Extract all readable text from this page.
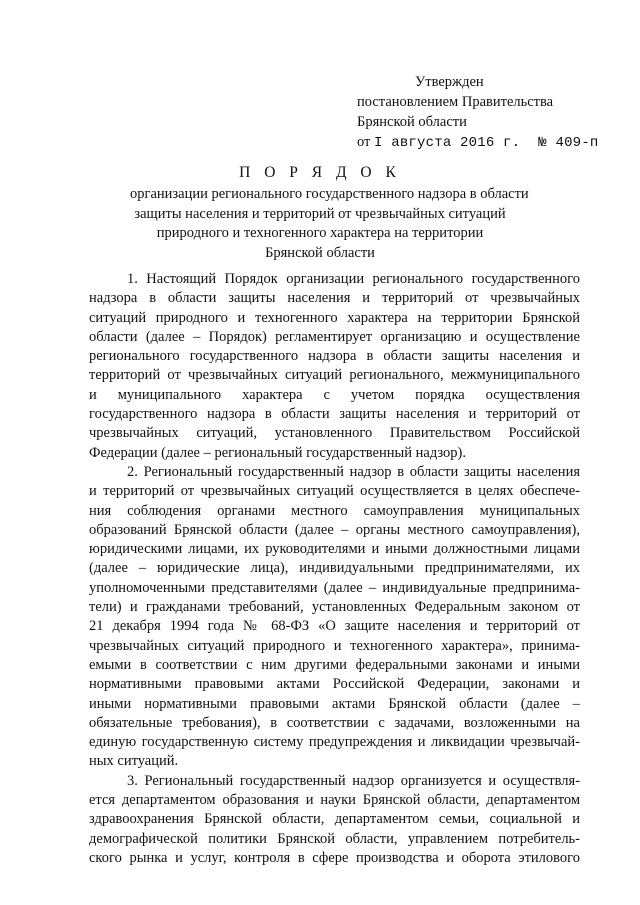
Утвержден
постановлением Правительства
Брянской области
от I августа 2016 г. № 409-п
П О Р Я Д О К
организации регионального государственного надзора в области
защиты населения и территорий от чрезвычайных ситуаций
природного и техногенного характера на территории
Брянской области
1. Настоящий Порядок организации регионального государственного
надзора в области защиты населения и территорий от чрезвычайных
ситуаций природного и техногенного характера на территории Брянской
области (далее – Порядок) регламентирует организацию и осуществление
регионального государственного надзора в области защиты населения и
территорий от чрезвычайных ситуаций регионального, межмуниципального
и муниципального характера с учетом порядка осуществления
государственного надзора в области защиты населения и территорий от
чрезвычайных ситуаций, установленного Правительством Российской
Федерации (далее – региональный государственный надзор).
2. Региональный государственный надзор в области защиты населения
и территорий от чрезвычайных ситуаций осуществляется в целях обеспече-
ния соблюдения органами местного самоуправления муниципальных
образований Брянской области (далее – органы местного самоуправления),
юридическими лицами, их руководителями и иными должностными лицами
(далее – юридические лица), индивидуальными предпринимателями, их
уполномоченными представителями (далее – индивидуальные предпринима-
тели) и гражданами требований, установленных Федеральным законом от
21 декабря 1994 года № 68-ФЗ «О защите населения и территорий от
чрезвычайных ситуаций природного и техногенного характера», принима-
емыми в соответствии с ним другими федеральными законами и иными
нормативными правовыми актами Российской Федерации, законами и
иными нормативными правовыми актами Брянской области (далее –
обязательные требования), в соответствии с задачами, возложенными на
единую государственную систему предупреждения и ликвидации чрезвычай-
ных ситуаций.
3. Региональный государственный надзор организуется и осуществля-
ется департаментом образования и науки Брянской области, департаментом
здравоохранения Брянской области, департаментом семьи, социальной и
демографической политики Брянской области, управлением потребитель-
ского рынка и услуг, контроля в сфере производства и оборота этилового
